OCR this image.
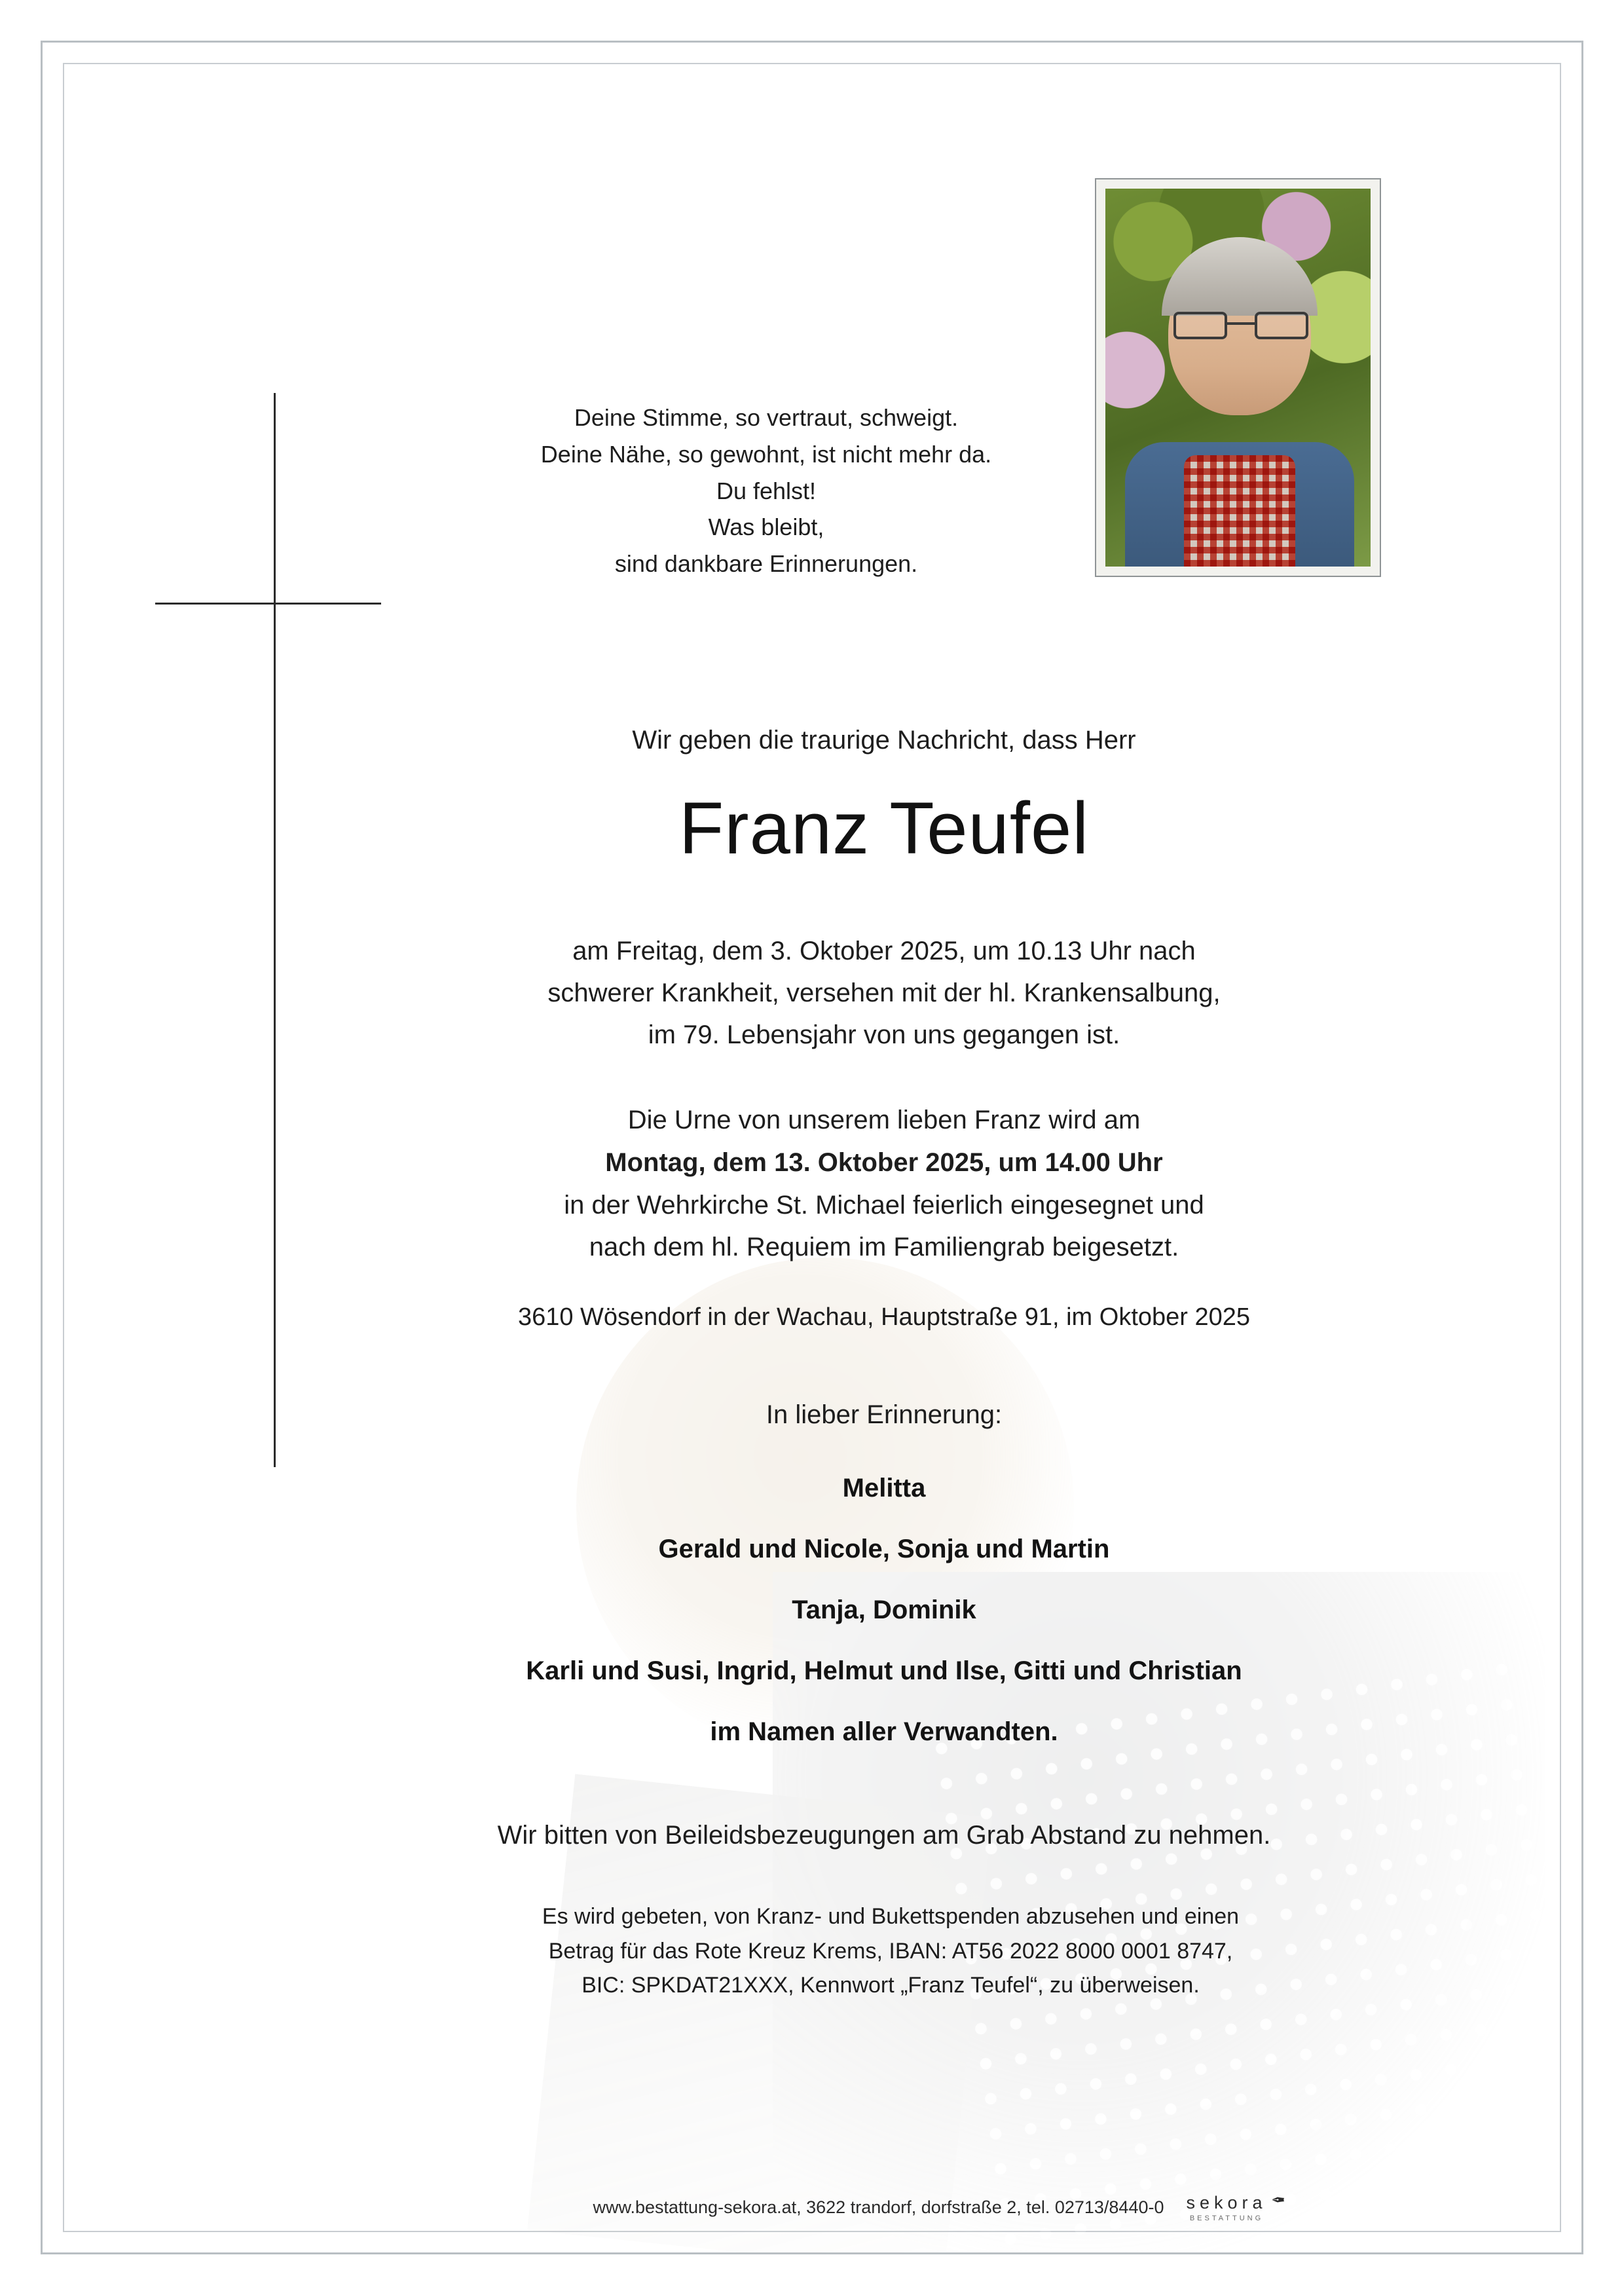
Deine Stimme, so vertraut, schweigt.
Deine Nähe, so gewohnt, ist nicht mehr da.
Du fehlst!
Was bleibt,
sind dankbare Erinnerungen.
Wir geben die traurige Nachricht, dass Herr
Franz Teufel
am Freitag, dem 3. Oktober 2025, um 10.13 Uhr nach
schwerer Krankheit, versehen mit der hl. Krankensalbung,
im 79. Lebensjahr von uns gegangen ist.
Die Urne von unserem lieben Franz wird am
Montag, dem 13. Oktober 2025, um 14.00 Uhr
in der Wehrkirche St. Michael feierlich eingesegnet und
nach dem hl. Requiem im Familiengrab beigesetzt.
3610 Wösendorf in der Wachau, Hauptstraße 91, im Oktober 2025
In lieber Erinnerung:
Melitta
Gerald und Nicole, Sonja und Martin
Tanja, Dominik
Karli und Susi, Ingrid, Helmut und Ilse, Gitti und Christian
im Namen aller Verwandten.
Wir bitten von Beileidsbezeugungen am Grab Abstand zu nehmen.
Es wird gebeten, von Kranz- und Bukettspenden abzusehen und einen
Betrag für das Rote Kreuz Krems, IBAN: AT56 2022 8000 0001 8747,
BIC: SPKDAT21XXX, Kennwort „Franz Teufel“, zu überweisen.
www.bestattung-sekora.at, 3622 trandorf, dorfstraße 2, tel. 02713/8440-0 sekora
BESTATTUNG
✒
